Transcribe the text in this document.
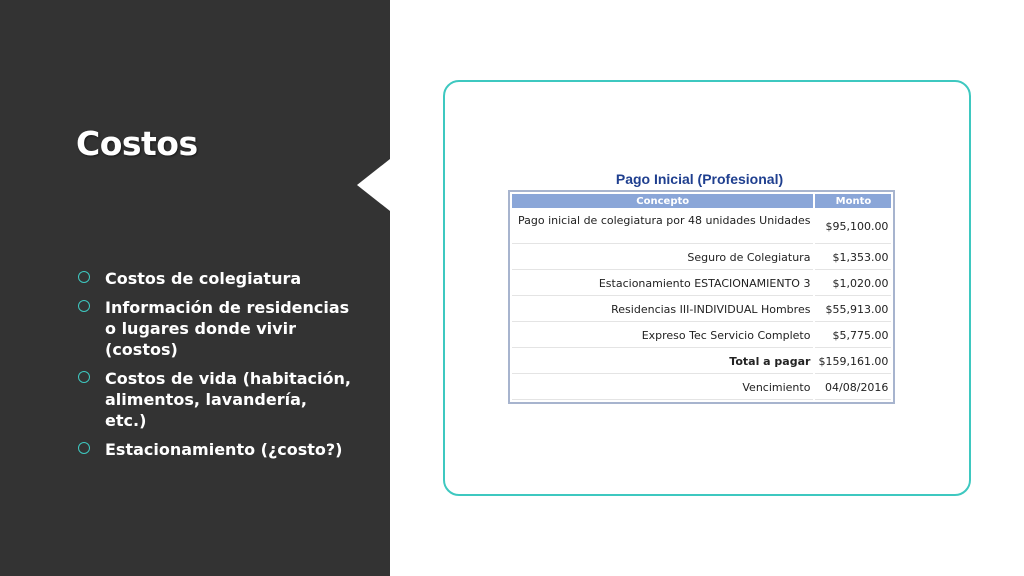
Costos
Costos de colegiatura
Información de residencias o lugares donde vivir (costos)
Costos de vida (habitación, alimentos, lavandería, etc.)
Estacionamiento (¿costo?)
Pago Inicial (Profesional)
Concepto	Monto
Pago inicial de colegiatura por 48 unidades Unidades	$95,100.00
Seguro de Colegiatura	$1,353.00
Estacionamiento ESTACIONAMIENTO 3	$1,020.00
Residencias III-INDIVIDUAL Hombres	$55,913.00
Expreso Tec Servicio Completo	$5,775.00
Total a pagar	$159,161.00
Vencimiento	04/08/2016
